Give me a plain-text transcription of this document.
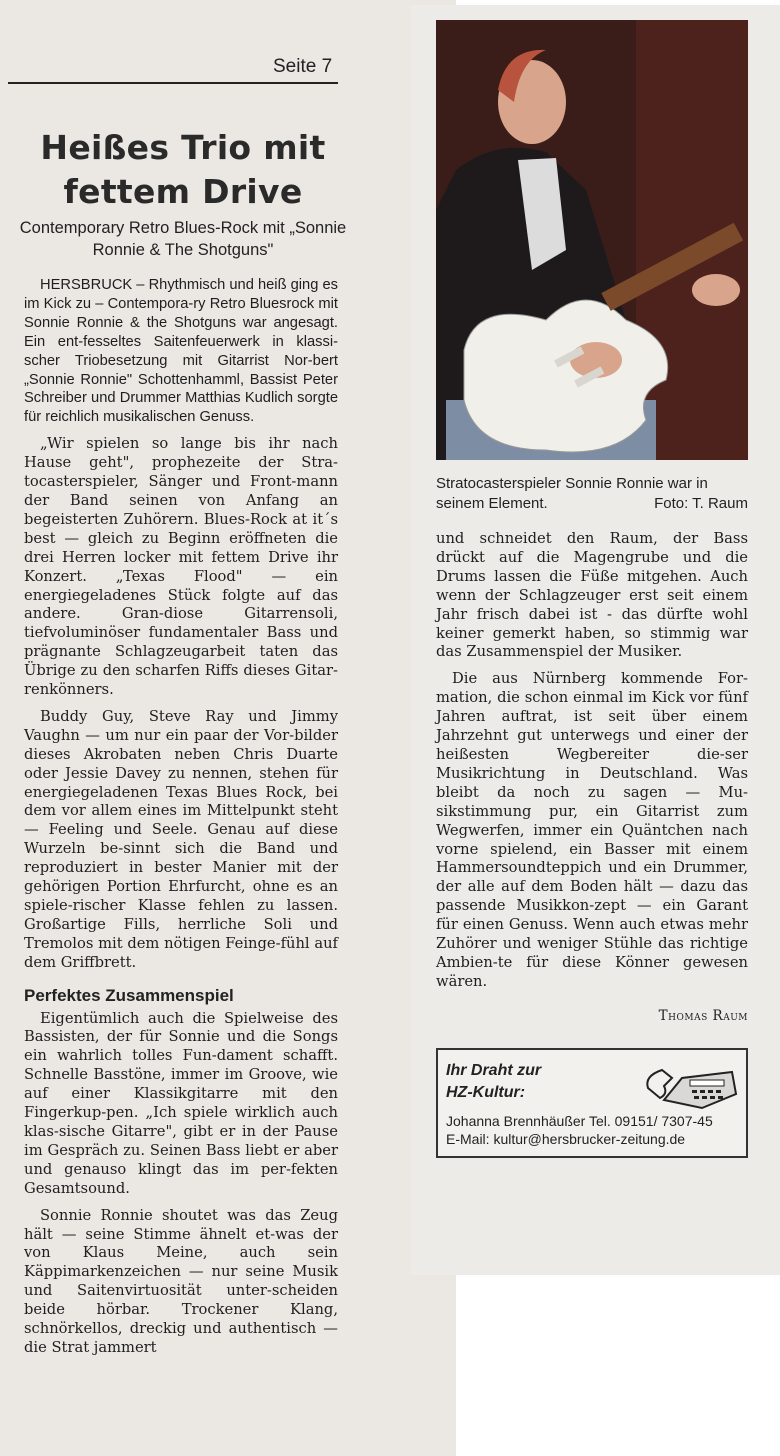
Seite 7
Heißes Trio mit fettem Drive
Contemporary Retro Blues-Rock mit „Sonnie Ronnie & The Shotguns"

HERSBRUCK – Rhythmisch und heiß ging es im Kick zu – Contempora-ry Retro Bluesrock mit Sonnie Ronnie & the Shotguns war angesagt. Ein ent-fesseltes Saitenfeuerwerk in klassi-scher Triobesetzung mit Gitarrist Nor-bert „Sonnie Ronnie" Schottenhamml, Bassist Peter Schreiber und Drummer Matthias Kudlich sorgte für reichlich musikalischen Genuss.

„Wir spielen so lange bis ihr nach Hause geht", prophezeite der Stra-tocasterspieler, Sänger und Front-mann der Band seinen von Anfang an begeisterten Zuhörern. Blues-Rock at it´s best — gleich zu Beginn eröffneten die drei Herren locker mit fettem Drive ihr Konzert. „Texas Flood" — ein energiegeladenes Stück folgte auf das andere. Gran-diose Gitarrensoli, tiefvoluminöser fundamentaler Bass und prägnante Schlagzeugarbeit taten das Übrige zu den scharfen Riffs dieses Gitar-renkönners.

Buddy Guy, Steve Ray und Jimmy Vaughn — um nur ein paar der Vor-bilder dieses Akrobaten neben Chris Duarte oder Jessie Davey zu nennen, stehen für energiegeladenen Texas Blues Rock, bei dem vor allem eines im Mittelpunkt steht — Feeling und Seele. Genau auf diese Wurzeln be-sinnt sich die Band und reproduziert in bester Manier mit der gehörigen Portion Ehrfurcht, ohne es an spiele-rischer Klasse fehlen zu lassen. Großartige Fills, herrliche Soli und Tremolos mit dem nötigen Feinge-fühl auf dem Griffbrett.

Perfektes Zusammenspiel

Eigentümlich auch die Spielweise des Bassisten, der für Sonnie und die Songs ein wahrlich tolles Fun-dament schafft. Schnelle Basstöne, immer im Groove, wie auf einer Klassikgitarre mit den Fingerkup-pen. „Ich spiele wirklich auch klas-sische Gitarre", gibt er in der Pause im Gespräch zu. Seinen Bass liebt er aber und genauso klingt das im per-fekten Gesamtsound.

Sonnie Ronnie shoutet was das Zeug hält — seine Stimme ähnelt et-was der von Klaus Meine, auch sein Käppimarkenzeichen — nur seine Musik und Saitenvirtuosität unter-scheiden beide hörbar. Trockener Klang, schnörkellos, dreckig und authentisch — die Strat jammert

Stratocasterspieler Sonnie Ronnie war in seinem Element.	Foto: T. Raum

und schneidet den Raum, der Bass drückt auf die Magengrube und die Drums lassen die Füße mitgehen. Auch wenn der Schlagzeuger erst seit einem Jahr frisch dabei ist - das dürfte wohl keiner gemerkt haben, so stimmig war das Zusammenspiel der Musiker.

Die aus Nürnberg kommende For-mation, die schon einmal im Kick vor fünf Jahren auftrat, ist seit über einem Jahrzehnt gut unterwegs und einer der heißesten Wegbereiter die-ser Musikrichtung in Deutschland. Was bleibt da noch zu sagen — Mu-sikstimmung pur, ein Gitarrist zum Wegwerfen, immer ein Quäntchen nach vorne spielend, ein Basser mit einem Hammersoundteppich und ein Drummer, der alle auf dem Boden hält — dazu das passende Musikkon-zept — ein Garant für einen Genuss. Wenn auch etwas mehr Zuhörer und weniger Stühle das richtige Ambien-te für diese Könner gewesen wären.

Thomas Raum
Ihr Draht zur
HZ-Kultur:
Johanna Brennhäußer Tel. 09151/ 7307-45
E-Mail: kultur@hersbrucker-zeitung.de
